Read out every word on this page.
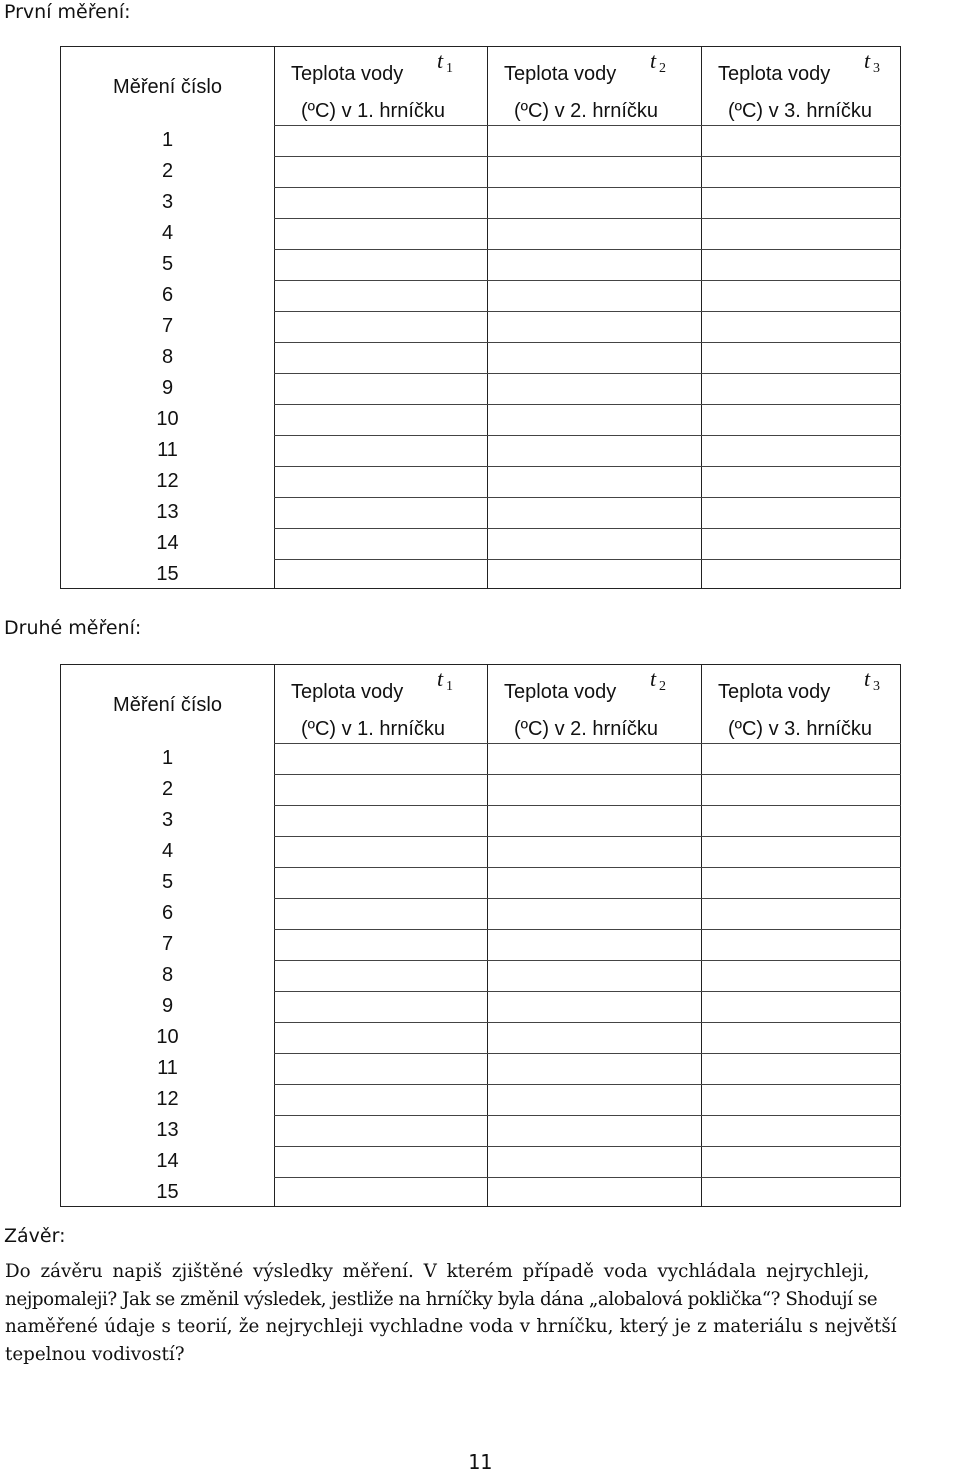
První měření:
Měření číslo
Teplota vody
t 1
(ºC) v 1. hrníčku
Teplota vody
t 2
(ºC) v 2. hrníčku
Teplota vody
t 3
(ºC) v 3. hrníčku
1
2
3
4
5
6
7
8
9
10
11
12
13
14
15
Druhé měření:
Měření číslo
Teplota vody
t 1
(ºC) v 1. hrníčku
Teplota vody
t 2
(ºC) v 2. hrníčku
Teplota vody
t 3
(ºC) v 3. hrníčku
1
2
3
4
5
6
7
8
9
10
11
12
13
14
15
Závěr:
Do závěru napiš zjištěné výsledky měření. V kterém případě voda vychládala nejrychleji,
nejpomaleji? Jak se změnil výsledek, jestliže na hrníčky byla dána „alobalová poklička“? Shodují se
naměřené údaje s teorií, že nejrychleji vychladne voda v hrníčku, který je z materiálu s největší
tepelnou vodivostí?
11
